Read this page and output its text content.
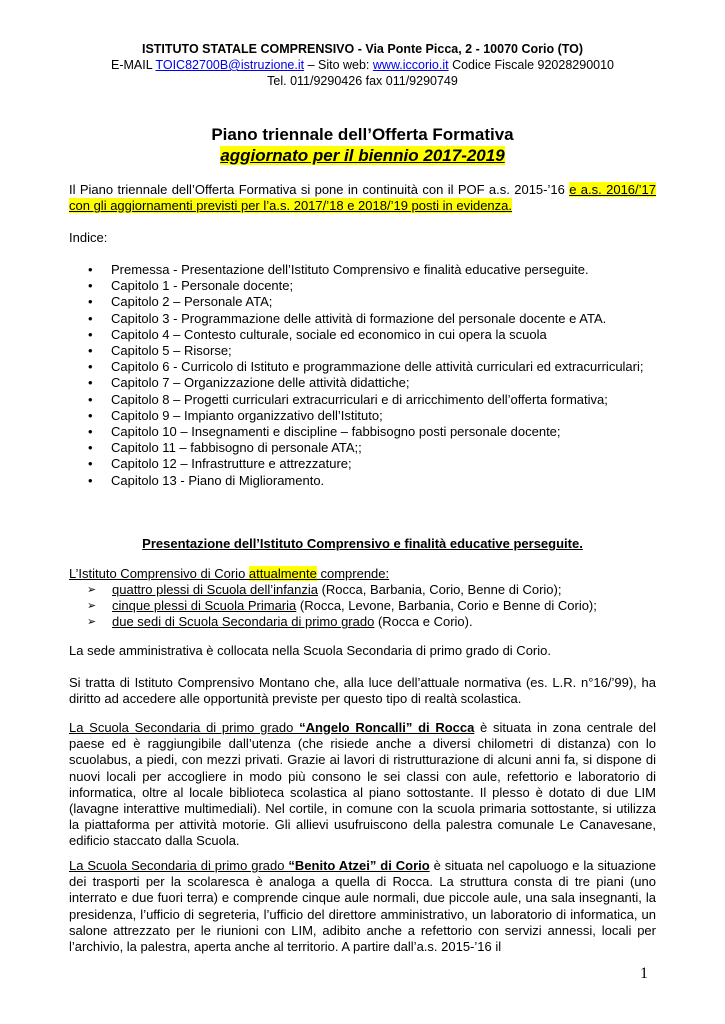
ISTITUTO STATALE COMPRENSIVO - Via Ponte Picca, 2 - 10070 Corio (TO)
E-MAIL TOIC82700B@istruzione.it – Sito web: www.iccorio.it Codice Fiscale 92028290010
Tel. 011/9290426 fax 011/9290749
Piano triennale dell’Offerta Formativa
aggiornato per il biennio 2017-2019
Il Piano triennale dell’Offerta Formativa si pone in continuità con il POF a.s. 2015-’16 e a.s. 2016/’17 con gli aggiornamenti previsti per l’a.s. 2017/’18 e 2018/’19 posti in evidenza.
Indice:
• Premessa - Presentazione dell’Istituto Comprensivo e finalità educative perseguite.
• Capitolo 1 - Personale docente;
• Capitolo 2 – Personale ATA;
• Capitolo 3 - Programmazione delle attività di formazione del personale docente e ATA.
• Capitolo 4 – Contesto culturale, sociale ed economico in cui opera la scuola
• Capitolo 5 – Risorse;
• Capitolo 6 - Curricolo di Istituto e programmazione delle attività curriculari ed extracurriculari;
• Capitolo 7 – Organizzazione delle attività didattiche;
• Capitolo 8 – Progetti curriculari extracurriculari e di arricchimento dell’offerta formativa;
• Capitolo 9 – Impianto organizzativo dell’Istituto;
• Capitolo 10 – Insegnamenti e discipline – fabbisogno posti personale docente;
• Capitolo 11 – fabbisogno di personale ATA;;
• Capitolo 12 – Infrastrutture e attrezzature;
• Capitolo 13 - Piano di Miglioramento.
Presentazione dell’Istituto Comprensivo e finalità educative perseguite.
L’Istituto Comprensivo di Corio attualmente comprende:
➢ quattro plessi di Scuola dell’infanzia (Rocca, Barbania, Corio, Benne di Corio);
➢ cinque plessi di Scuola Primaria (Rocca, Levone, Barbania, Corio e Benne di Corio);
➢ due sedi di Scuola Secondaria di primo grado (Rocca e Corio).
La sede amministrativa è collocata nella Scuola Secondaria di primo grado di Corio.
Si tratta di Istituto Comprensivo Montano che, alla luce dell’attuale normativa (es. L.R. n°16/’99), ha diritto ad accedere alle opportunità previste per questo tipo di realtà scolastica.
La Scuola Secondaria di primo grado “Angelo Roncalli” di Rocca è situata in zona centrale del paese ed è raggiungibile dall’utenza (che risiede anche a diversi chilometri di distanza) con lo scuolabus, a piedi, con mezzi privati. Grazie ai lavori di ristrutturazione di alcuni anni fa, si dispone di nuovi locali per accogliere in modo più consono le sei classi con aule, refettorio e laboratorio di informatica, oltre al locale biblioteca scolastica al piano sottostante. Il plesso è dotato di due LIM (lavagne interattive multimediali). Nel cortile, in comune con la scuola primaria sottostante, si utilizza la piattaforma per attività motorie. Gli allievi usufruiscono della palestra comunale Le Canavesane, edificio staccato dalla Scuola.
La Scuola Secondaria di primo grado “Benito Atzei” di Corio è situata nel capoluogo e la situazione dei trasporti per la scolaresca è analoga a quella di Rocca. La struttura consta di tre piani (uno interrato e due fuori terra) e comprende cinque aule normali, due piccole aule, una sala insegnanti, la presidenza, l’ufficio di segreteria, l’ufficio del direttore amministrativo, un laboratorio di informatica, un salone attrezzato per le riunioni con LIM, adibito anche a refettorio con servizi annessi, locali per l’archivio, la palestra, aperta anche al territorio. A partire dall’a.s. 2015-’16 il
1
